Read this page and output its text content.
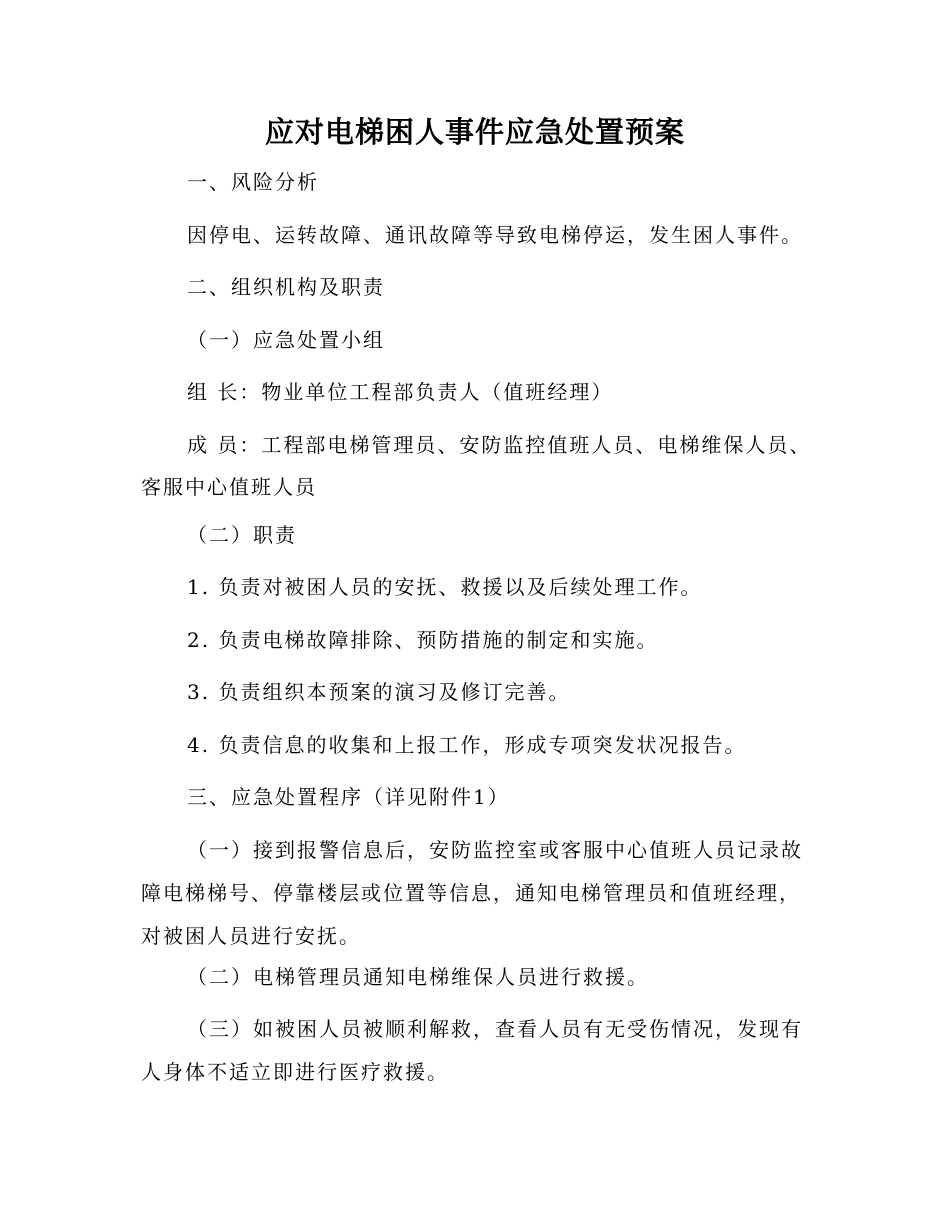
应对电梯困人事件应急处置预案
一、风险分析
因停电、运转故障、通讯故障等导致电梯停运，发生困人事件。
二、组织机构及职责
（一）应急处置小组
组 长：物业单位工程部负责人（值班经理）
成 员：工程部电梯管理员、安防监控值班人员、电梯维保人员、
客服中心值班人员
（二）职责
1. 负责对被困人员的安抚、救援以及后续处理工作。
2. 负责电梯故障排除、预防措施的制定和实施。
3. 负责组织本预案的演习及修订完善。
4. 负责信息的收集和上报工作，形成专项突发状况报告。
三、应急处置程序（详见附件1）
（一）接到报警信息后，安防监控室或客服中心值班人员记录故
障电梯梯号、停靠楼层或位置等信息，通知电梯管理员和值班经理，
对被困人员进行安抚。
（二）电梯管理员通知电梯维保人员进行救援。
（三）如被困人员被顺利解救，查看人员有无受伤情况，发现有
人身体不适立即进行医疗救援。
